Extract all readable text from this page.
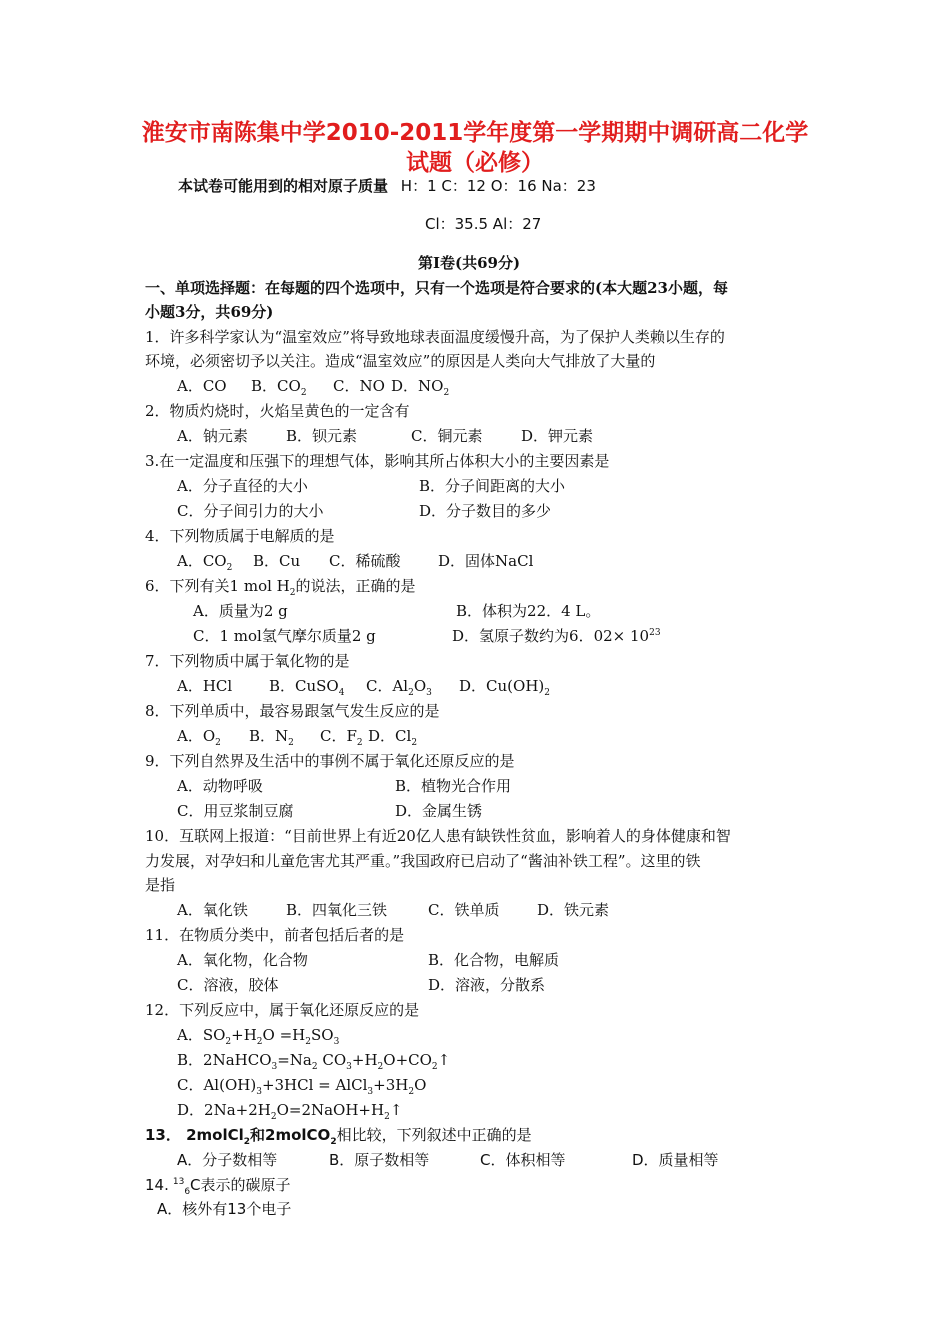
淮安市南陈集中学2010-2011学年度第一学期期中调研高二化学试题（必修）
本试卷可能用到的相对原子质量 H：1 C：12 O：16 Na：23
Cl：35.5 Al：27
第Ⅰ卷(共69分)
一、单项选择题：在每题的四个选项中，只有一个选项是符合要求的(本大题23小题，每
小题3分，共69分)
1．许多科学家认为“温室效应”将导致地球表面温度缓慢升高，为了保护人类赖以生存的
环境，必须密切予以关注。造成“温室效应”的原因是人类向大气排放了大量的
A．CO B．$CO_2$ C．NO D．$NO_2$
2．物质灼烧时，火焰呈黄色的一定含有
A．钠元素	B．钡元素	C．铜元素	D．钾元素
3.在一定温度和压强下的理想气体，影响其所占体积大小的主要因素是
A．分子直径的大小	B．分子间距离的大小
C．分子间引力的大小	D．分子数目的多少
4．下列物质属于电解质的是
A．$CO_2$ B．Cu C．稀硫酸	D．固体NaCl
6．下列有关1 mol $H_2$的说法，正确的是
A．质量为2 g	B．体积为22．4 L。
C．1 mol氢气摩尔质量2 g	D．氢原子数约为6．$02\times 10^{23}$
7．下列物质中属于氧化物的是
A．HCl B．CuSO$_4$ C．$Al_2O_3$ D．$Cu(OH)_2$
8．下列单质中，最容易跟氢气发生反应的是
A．$O_2$ B．$N_2$ C．$F_2$ D．$Cl_2$
9．下列自然界及生活中的事例不属于氧化还原反应的是
A．动物呼吸	B．植物光合作用
C．用豆浆制豆腐	D．金属生锈
10．互联网上报道：“目前世界上有近20亿人患有缺铁性贫血，影响着人的身体健康和智
力发展，对孕妇和儿童危害尤其严重。”我国政府已启动了“酱油补铁工程”。这里的铁
是指
A．氧化铁	B．四氧化三铁	C．铁单质	D．铁元素
11．在物质分类中，前者包括后者的是
A．氧化物，化合物	B．化合物，电解质
C．溶液，胶体	D．溶液，分散系
12．下列反应中，属于氧化还原反应的是
A．$SO_2+H_2O =H_2SO_3$
B．$2NaHCO_3=Na_2$ $CO_3+H_2O+CO_2↑$
C．$Al(OH)_3+3HCl$ = $AlCl_3+3H_2O$
D．$2Na+2H_2O=2NaOH+H_2↑$
13． 2molCl$_2$和2molCO$_2$相比较，下列叙述中正确的是
A．分子数相等	B．原子数相等	C．体积相等	D．质量相等
14. $^{13}_6$C表示的碳原子
A．核外有13个电子
